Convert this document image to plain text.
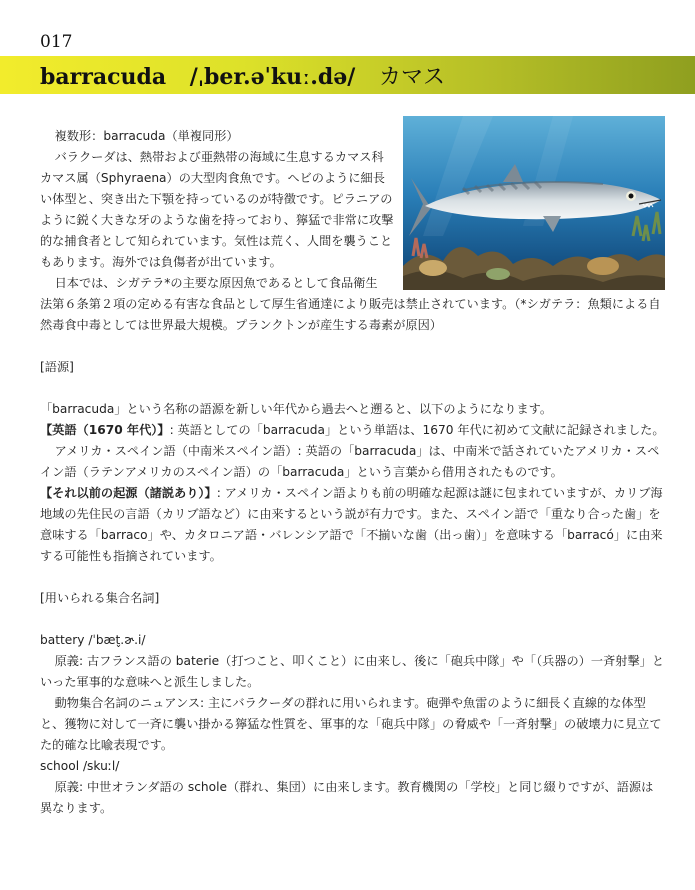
017
barracuda /ˌber.əˈkuː.də/ カマス

複数形：barracuda（単複同形）

バラクーダは、熱帯および亜熱帯の海域に生息するカマス科カマス属（Sphyraena）の大型肉食魚です。ヘビのように細長い体型と、突き出た下顎を持っているのが特徴です。ピラニアのように鋭く大きな牙のような歯を持っており、獰猛で非常に攻撃的な捕食者として知られています。気性は荒く、人間を襲うこともあります。海外では負傷者が出ています。

日本では、シガテラ*の主要な原因魚であるとして食品衛生

法第６条第２項の定める有害な食品として厚生省通達により販売は禁止されています。（*シガテラ：魚類による自然毒食中毒としては世界最大規模。プランクトンが産生する毒素が原因）

[語源]

「barracuda」という名称の語源を新しい年代から過去へと遡ると、以下のようになります。

【英語（1670 年代）】: 英語としての「barracuda」という単語は、1670 年代に初めて文献に記録されました。

アメリカ・スペイン語（中南米スペイン語）: 英語の「barracuda」は、中南米で話されていたアメリカ・スペイン語（ラテンアメリカのスペイン語）の「barracuda」という言葉から借用されたものです。

【それ以前の起源（諸説あり）】: アメリカ・スペイン語よりも前の明確な起源は謎に包まれていますが、カリブ海地域の先住民の言語（カリブ語など）に由来するという説が有力です。また、スペイン語で「重なり合った歯」を意味する「barraco」や、カタロニア語・バレンシア語で「不揃いな歯（出っ歯）」を意味する「barracó」に由来する可能性も指摘されています。

[用いられる集合名詞]

battery /ˈbæt̬.ɚ.i/

原義: 古フランス語の baterie（打つこと、叩くこと）に由来し、後に「砲兵中隊」や「（兵器の）一斉射撃」といった軍事的な意味へと派生しました。

動物集合名詞のニュアンス: 主にバラクーダの群れに用いられます。砲弾や魚雷のように細長く直線的な体型と、獲物に対して一斉に襲い掛かる獰猛な性質を、軍事的な「砲兵中隊」の脅威や「一斉射撃」の破壊力に見立てた的確な比喩表現です。

school /skuːl/

原義: 中世オランダ語の schole（群れ、集団）に由来します。教育機関の「学校」と同じ綴りですが、語源は異なります。
